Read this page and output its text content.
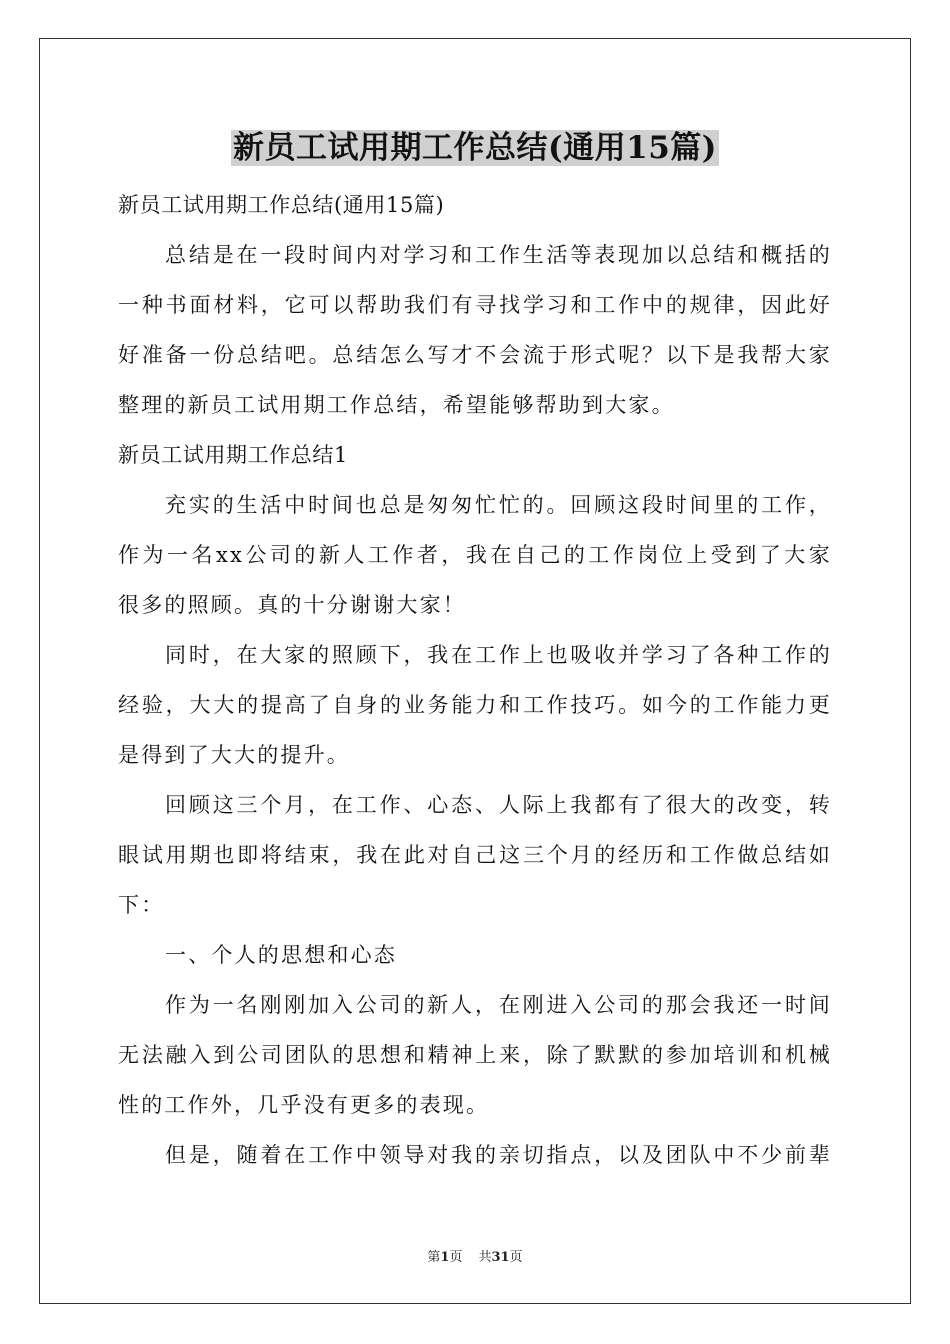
新员工试用期工作总结(通用15篇)
新员工试用期工作总结(通用15篇)
总结是在一段时间内对学习和工作生活等表现加以总结和概括的
一种书面材料，它可以帮助我们有寻找学习和工作中的规律，因此好
好准备一份总结吧。总结怎么写才不会流于形式呢？以下是我帮大家
整理的新员工试用期工作总结，希望能够帮助到大家。
新员工试用期工作总结1
充实的生活中时间也总是匆匆忙忙的。回顾这段时间里的工作，
作为一名xx公司的新人工作者，我在自己的工作岗位上受到了大家
很多的照顾。真的十分谢谢大家！
同时，在大家的照顾下，我在工作上也吸收并学习了各种工作的
经验，大大的提高了自身的业务能力和工作技巧。如今的工作能力更
是得到了大大的提升。
回顾这三个月，在工作、心态、人际上我都有了很大的改变，转
眼试用期也即将结束，我在此对自己这三个月的经历和工作做总结如
下：
一、个人的思想和心态
作为一名刚刚加入公司的新人，在刚进入公司的那会我还一时间
无法融入到公司团队的思想和精神上来，除了默默的参加培训和机械
性的工作外，几乎没有更多的表现。
但是，随着在工作中领导对我的亲切指点，以及团队中不少前辈
第1页 共31页
